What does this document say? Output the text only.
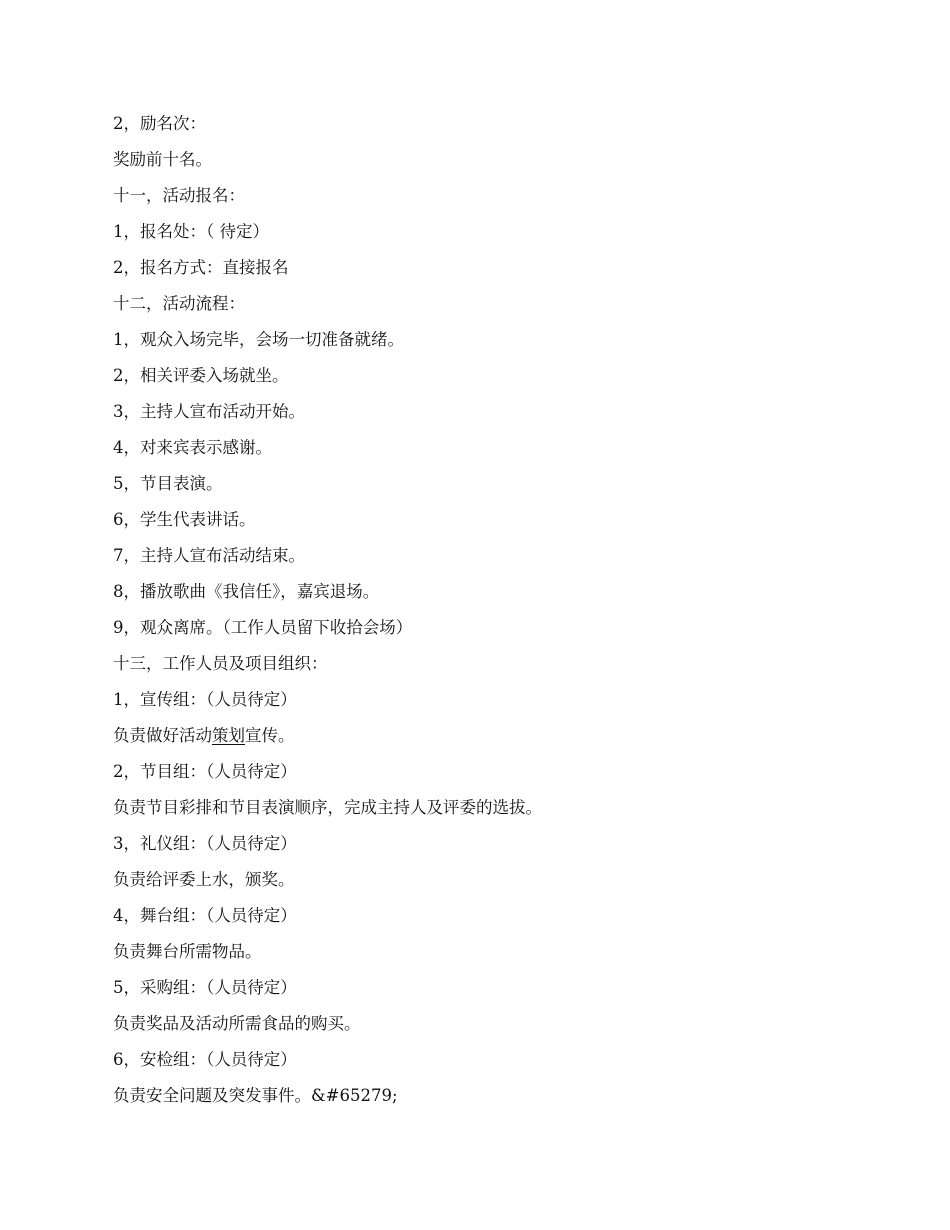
2，励名次：
奖励前十名。
十一，活动报名：
1，报名处：（ 待定）
2，报名方式：直接报名
十二，活动流程：
1，观众入场完毕，会场一切准备就绪。
2，相关评委入场就坐。
3，主持人宣布活动开始。
4，对来宾表示感谢。
5，节目表演。
6，学生代表讲话。
7，主持人宣布活动结束。
8，播放歌曲《我信任》，嘉宾退场。
9，观众离席。（工作人员留下收拾会场）
十三，工作人员及项目组织：
1，宣传组：（人员待定）
负责做好活动策划宣传。
2，节目组：（人员待定）
负责节目彩排和节目表演顺序，完成主持人及评委的选拔。
3，礼仪组：（人员待定）
负责给评委上水，颁奖。
4，舞台组：（人员待定）
负责舞台所需物品。
5，采购组：（人员待定）
负责奖品及活动所需食品的购买。
6，安检组：（人员待定）
负责安全问题及突发事件。&#65279;
